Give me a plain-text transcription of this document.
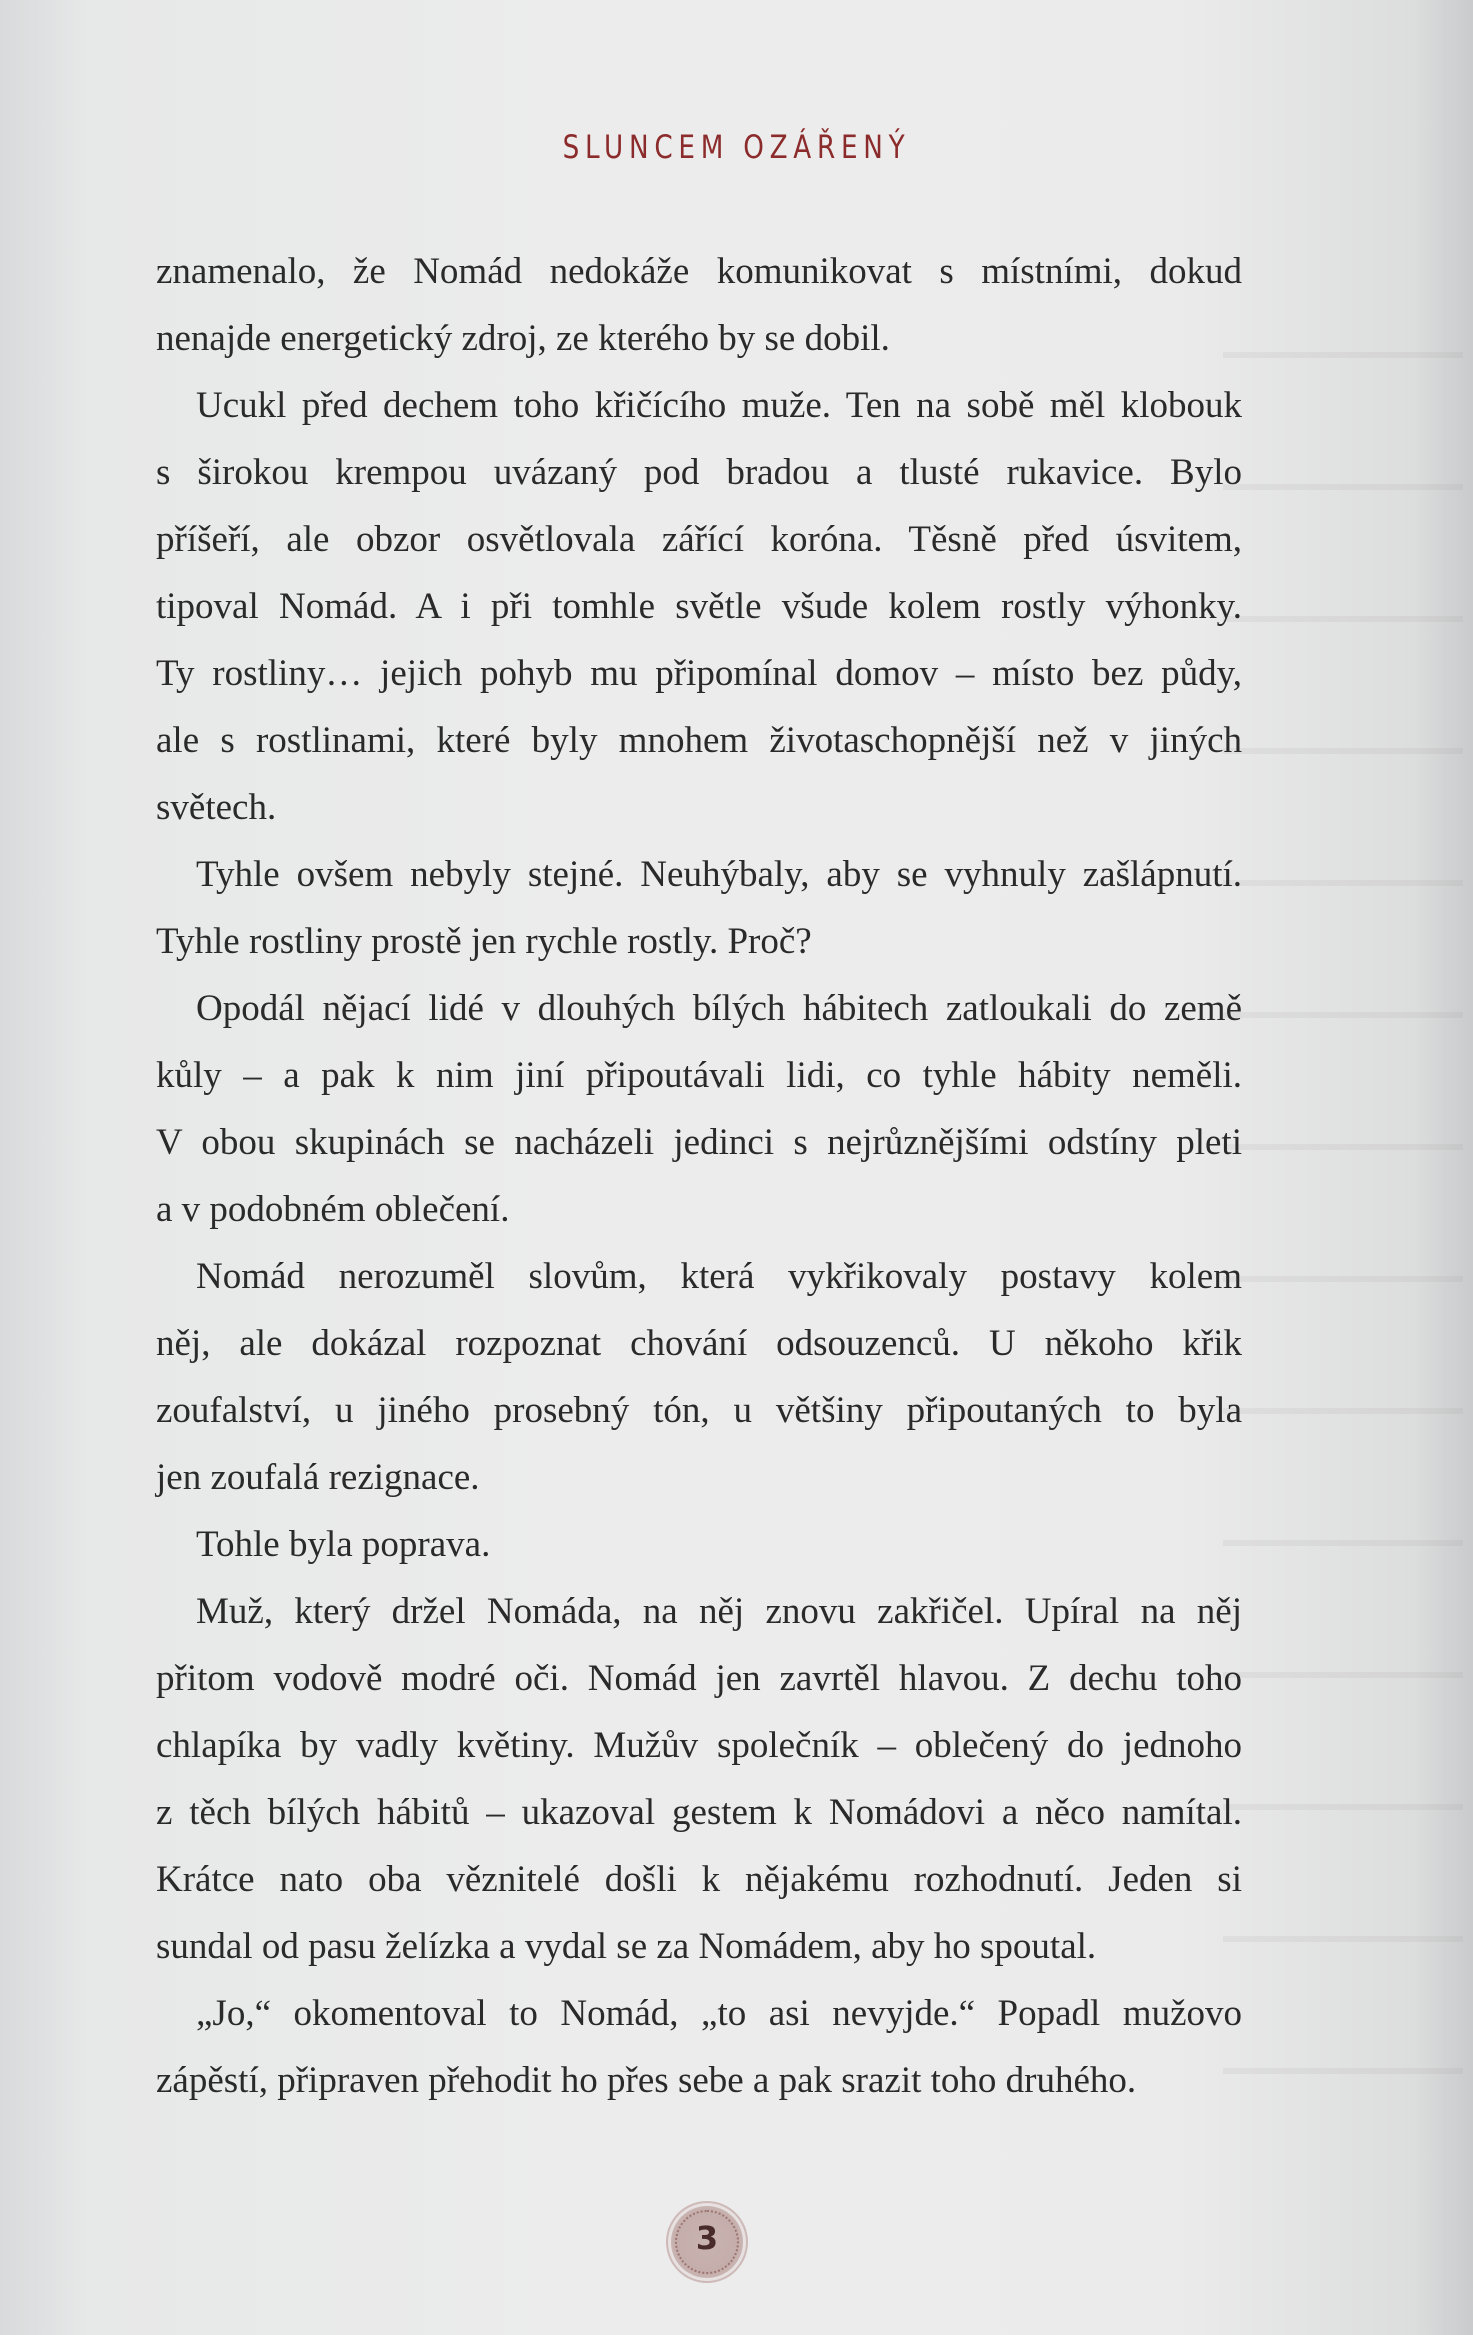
SLUNCEM OZÁŘENÝ
znamenalo, že Nomád nedokáže komunikovat s místními, dokud
nenajde energetický zdroj, ze kterého by se dobil.
Ucukl před dechem toho křičícího muže. Ten na sobě měl klobouk
s širokou krempou uvázaný pod bradou a tlusté rukavice. Bylo
příšeří, ale obzor osvětlovala zářící koróna. Těsně před úsvitem,
tipoval Nomád. A i při tomhle světle všude kolem rostly výhonky.
Ty rostliny… jejich pohyb mu připomínal domov – místo bez půdy,
ale s rostlinami, které byly mnohem životaschopnější než v jiných
světech.
Tyhle ovšem nebyly stejné. Neuhýbaly, aby se vyhnuly zašlápnutí.
Tyhle rostliny prostě jen rychle rostly. Proč?
Opodál nějací lidé v dlouhých bílých hábitech zatloukali do země
kůly – a pak k nim jiní připoutávali lidi, co tyhle hábity neměli.
V obou skupinách se nacházeli jedinci s nejrůznějšími odstíny pleti
a v podobném oblečení.
Nomád nerozuměl slovům, která vykřikovaly postavy kolem
něj, ale dokázal rozpoznat chování odsouzenců. U někoho křik
zoufalství, u jiného prosebný tón, u většiny připoutaných to byla
jen zoufalá rezignace.
Tohle byla poprava.
Muž, který držel Nomáda, na něj znovu zakřičel. Upíral na něj
přitom vodově modré oči. Nomád jen zavrtěl hlavou. Z dechu toho
chlapíka by vadly květiny. Mužův společník – oblečený do jednoho
z těch bílých hábitů – ukazoval gestem k Nomádovi a něco namítal.
Krátce nato oba věznitelé došli k nějakému rozhodnutí. Jeden si
sundal od pasu želízka a vydal se za Nomádem, aby ho spoutal.
„Jo,“ okomentoval to Nomád, „to asi nevyjde.“ Popadl mužovo
zápěstí, připraven přehodit ho přes sebe a pak srazit toho druhého.
3
